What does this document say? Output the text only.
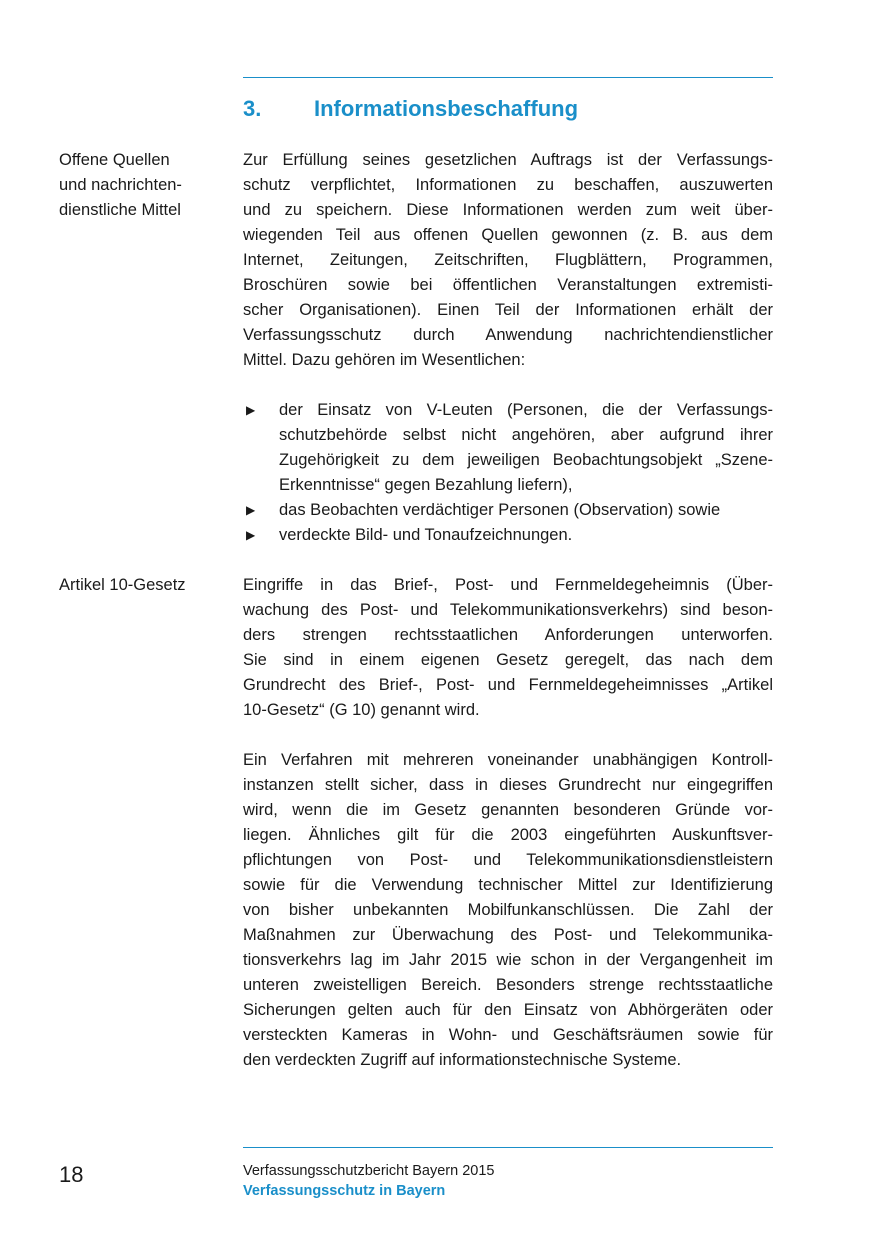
3. Informationsbeschaffung
Offene Quellen
und nachrichten-
dienstliche Mittel
Zur Erfüllung seines gesetzlichen Auftrags ist der Verfassungs-
schutz verpflichtet, Informationen zu beschaffen, auszuwerten
und zu speichern. Diese Informationen werden zum weit über-
wiegenden Teil aus offenen Quellen gewonnen (z. B. aus dem
Internet, Zeitungen, Zeitschriften, Flugblättern, Programmen,
Broschüren sowie bei öffentlichen Veranstaltungen extremisti-
scher Organisationen). Einen Teil der Informationen erhält der
Verfassungsschutz durch Anwendung nachrichtendienstlicher
Mittel. Dazu gehören im Wesentlichen:
▶ der Einsatz von V-Leuten (Personen, die der Verfassungs-
schutzbehörde selbst nicht angehören, aber aufgrund ihrer
Zugehörigkeit zu dem jeweiligen Beobachtungsobjekt „Szene-
Erkenntnisse“ gegen Bezahlung liefern),
▶ das Beobachten verdächtiger Personen (Observation) sowie
▶ verdeckte Bild- und Tonaufzeichnungen.
Artikel 10-Gesetz	Eingriffe in das Brief-, Post- und Fernmeldegeheimnis (Über-
wachung des Post- und Telekommunikationsverkehrs) sind beson-
ders strengen rechtsstaatlichen Anforderungen unterworfen.
Sie sind in einem eigenen Gesetz geregelt, das nach dem
Grundrecht des Brief-, Post- und Fernmeldegeheimnisses „Artikel
10-Gesetz“ (G 10) genannt wird.
Ein Verfahren mit mehreren voneinander unabhängigen Kontroll-
instanzen stellt sicher, dass in dieses Grundrecht nur eingegriffen
wird, wenn die im Gesetz genannten besonderen Gründe vor-
liegen. Ähnliches gilt für die 2003 eingeführten Auskunftsver-
pflichtungen von Post- und Telekommunikationsdienstleistern
sowie für die Verwendung technischer Mittel zur Identifizierung
von bisher unbekannten Mobilfunkanschlüssen. Die Zahl der
Maßnahmen zur Überwachung des Post- und Telekommunika-
tionsverkehrs lag im Jahr 2015 wie schon in der Vergangenheit im
unteren zweistelligen Bereich. Besonders strenge rechtsstaatliche
Sicherungen gelten auch für den Einsatz von Abhörgeräten oder
versteckten Kameras in Wohn- und Geschäftsräumen sowie für
den verdeckten Zugriff auf informationstechnische Systeme.
18	Verfassungsschutzbericht Bayern 2015
Verfassungsschutz in Bayern
